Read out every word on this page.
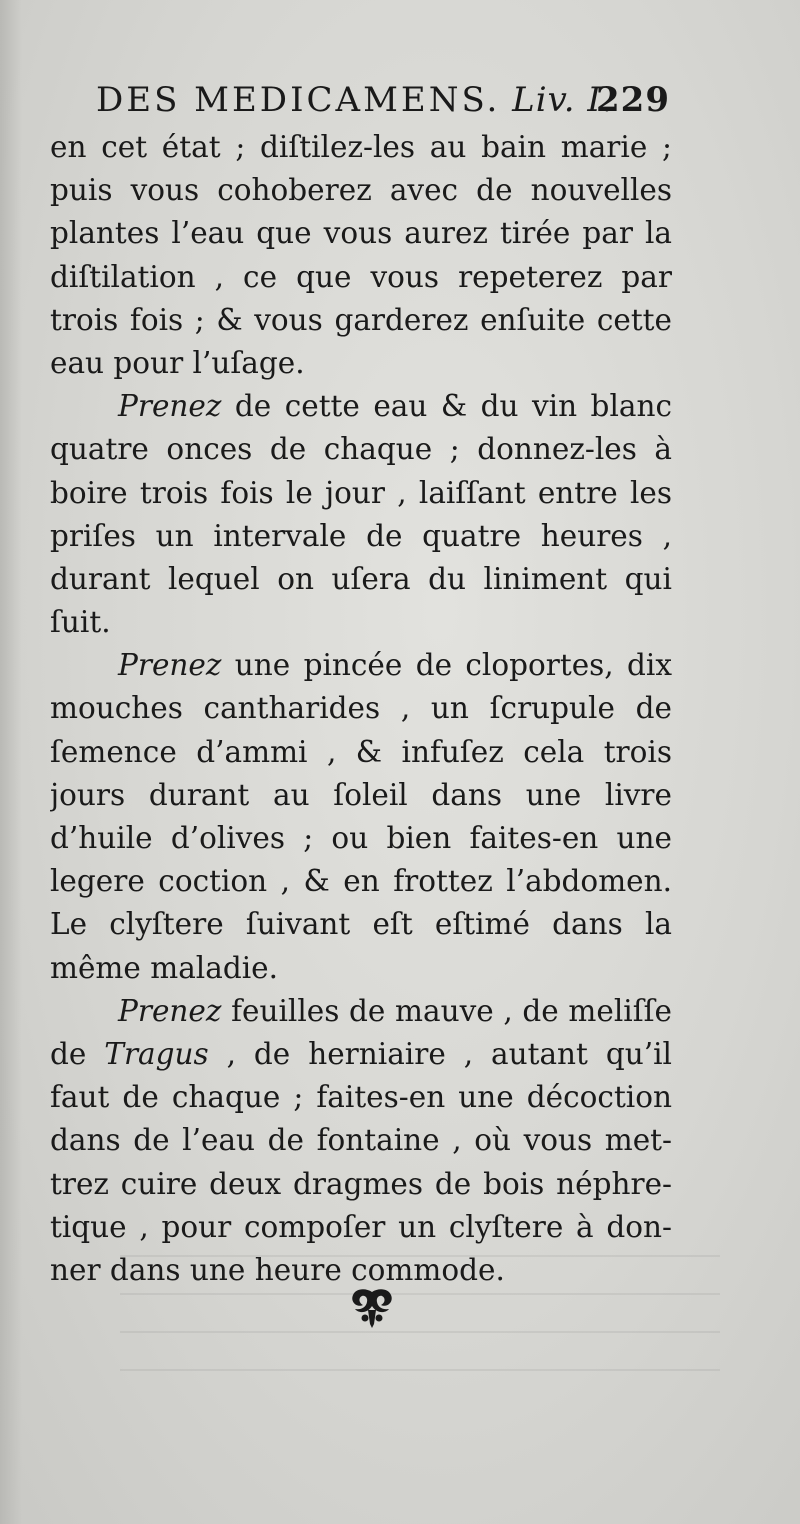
DES MEDICAMENS. Liv. I.
229
en cet état ; diſtilez-les au bain marie ;
puis vous cohoberez avec de nouvelles
plantes l’eau que vous aurez tirée par la
diſtilation , ce que vous repeterez par
trois fois ; & vous garderez enſuite cette
eau pour l’uſage.
Prenez de cette eau & du vin blanc
quatre onces de chaque ; donnez-les à
boire trois fois le jour , laiſſant entre les
priſes un intervale de quatre heures ,
durant lequel on uſera du liniment qui
ſuit.
Prenez une pincée de cloportes, dix
mouches cantharides , un ſcrupule de
ſemence d’ammi , & infuſez cela trois
jours durant au ſoleil dans une livre
d’huile d’olives ; ou bien faites-en une
legere coction , & en frottez l’abdomen.
Le clyſtere ſuivant eſt eſtimé dans la
même maladie.
Prenez feuilles de mauve , de meliſſe
de Tragus , de herniaire , autant qu’il
faut de chaque ; faites-en une décoction
dans de l’eau de fontaine , où vous met-
trez cuire deux dragmes de bois néphre-
tique , pour compoſer un clyſtere à don-
ner dans une heure commode.
